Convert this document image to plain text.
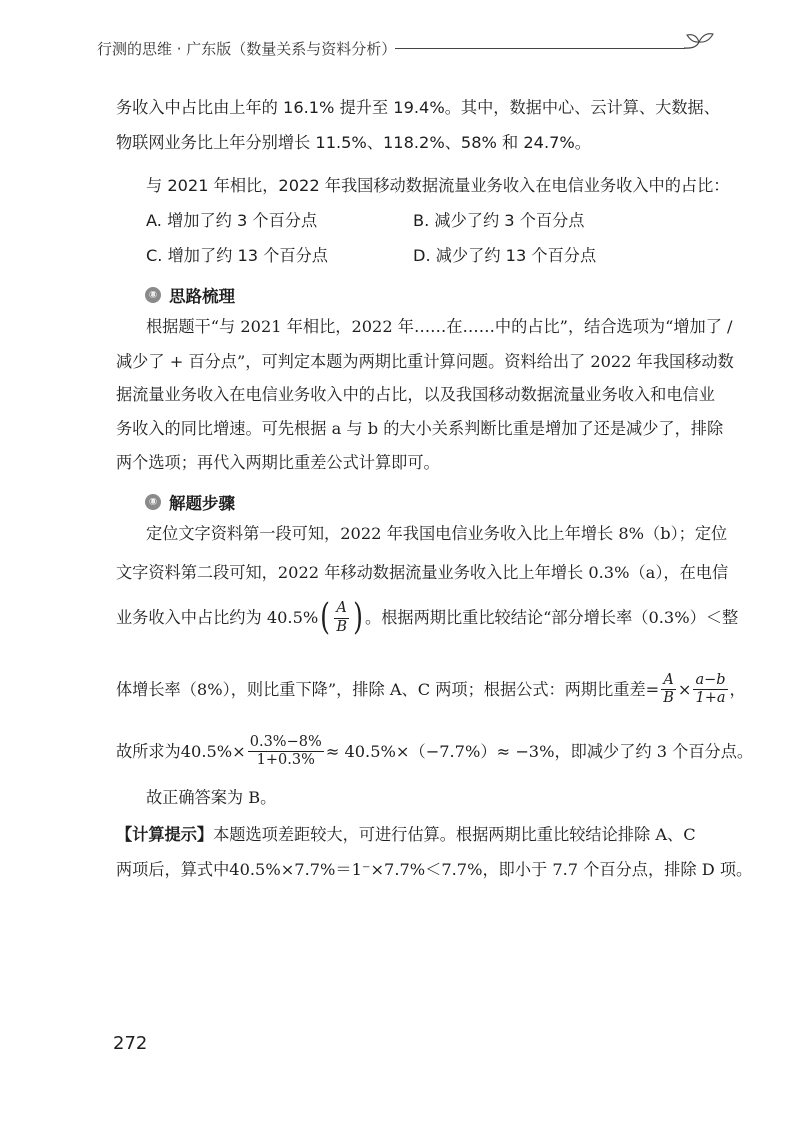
行测的思维 · 广东版（数量关系与资料分析）
务收入中占比由上年的 16.1% 提升至 19.4%。其中，数据中心、云计算、大数据、
物联网业务比上年分别增长 11.5%、118.2%、58% 和 24.7%。
与 2021 年相比，2022 年我国移动数据流量业务收入在电信业务收入中的占比：
A. 增加了约 3 个百分点	B. 减少了约 3 个百分点
C. 增加了约 13 个百分点	D. 减少了约 13 个百分点
⑧ 思路梳理
根据题干“与 2021 年相比，2022 年……在……中的占比”，结合选项为“增加了 /
减少了 + 百分点”，可判定本题为两期比重计算问题。资料给出了 2022 年我国移动数
据流量业务收入在电信业务收入中的占比，以及我国移动数据流量业务收入和电信业
务收入的同比增速。可先根据 a 与 b 的大小关系判断比重是增加了还是减少了，排除
两个选项；再代入两期比重差公式计算即可。
⑧ 解题步骤
定位文字资料第一段可知，2022 年我国电信业务收入比上年增长 8%（b）；定位
文字资料第二段可知，2022 年移动数据流量业务收入比上年增长 0.3%（a），在电信
业务收入中占比约为 40.5% ( $\frac{A}{B}$ ) 。根据两期比重比较结论“部分增长率（0.3%）＜整
体增长率（8%），则比重下降”，排除 A、C 两项；根据公式：两期比重差= $\frac{A}{B} \times \frac{a-b}{1+a}$ ，
故所求为$40.5\%\times \frac{0.3\%-8\%}{1+0.3\%} \approx 40.5\%\times(-7.7\%)\approx -3\%$，即减少了约 3 个百分点。
故正确答案为 B。
【计算提示】本题选项差距较大，可进行估算。根据两期比重比较结论排除 A、C
两项后，算式中40.5%×7.7%＝1⁻×7.7%＜7.7%，即小于 7.7 个百分点，排除 D 项。
272
